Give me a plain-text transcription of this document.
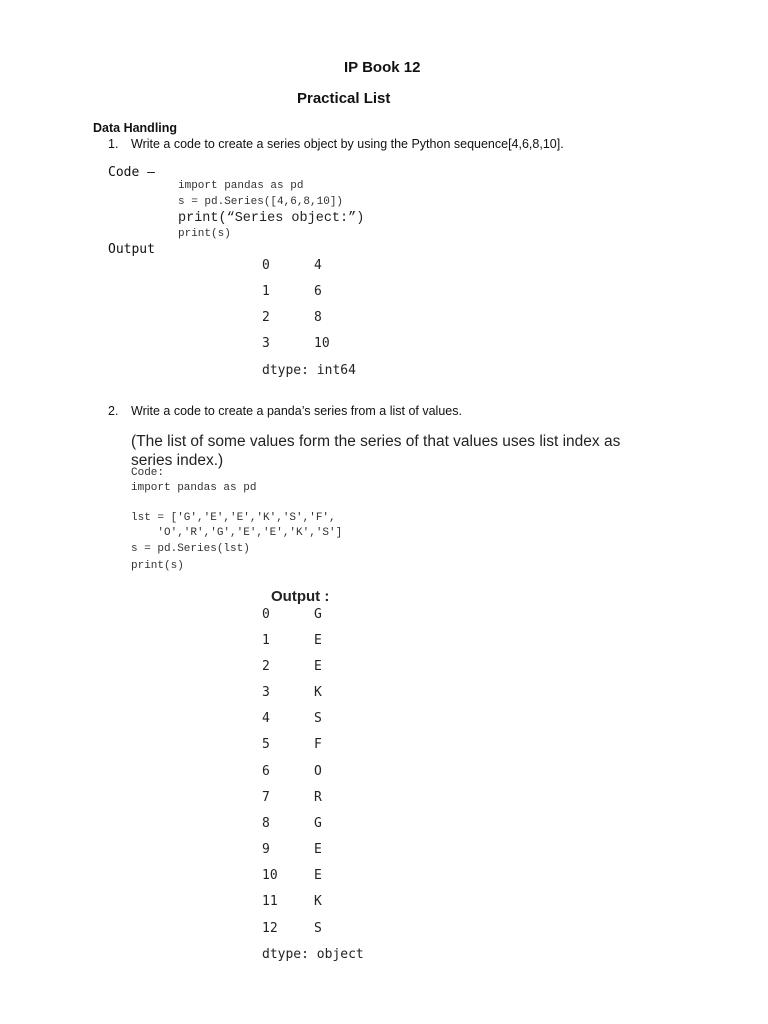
IP Book 12
Practical List
Data Handling
1. Write a code to create a series object by using the Python sequence[4,6,8,10].
Code –
import pandas as pd
s = pd.Series([4,6,8,10])
print(“Series object:”)
print(s)
Output
0	4
1	6
2	8
3	10
dtype: int64
2. Write a code to create a panda’s series from a list of values.
(The list of some values form the series of that values uses list index as
series index.)
Code:
import pandas as pd
lst = ['G','E','E','K','S','F',
'O','R','G','E','E','K','S']
s = pd.Series(lst)
print(s)
Output :
0	G
1	E
2	E
3	K
4	S
5	F
6	O
7	R
8	G
9	E
10	E
11	K
12	S
dtype: object
